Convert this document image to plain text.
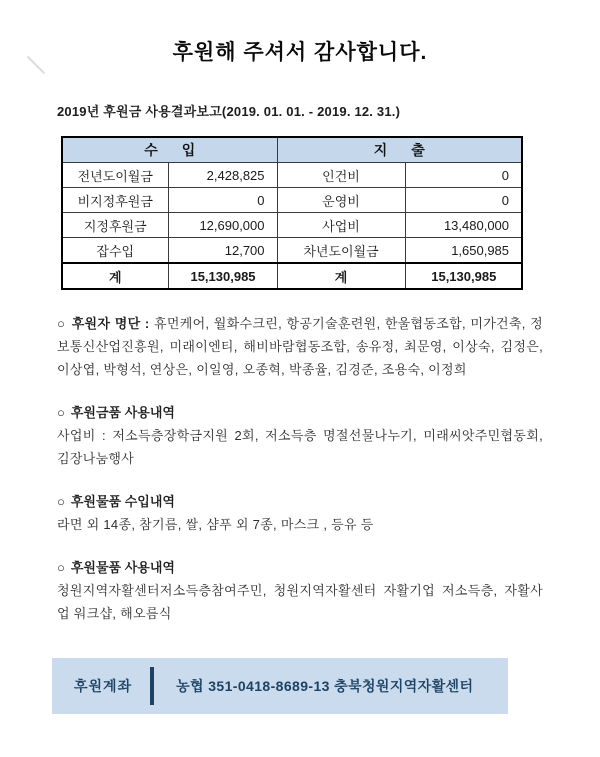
후원해 주셔서 감사합니다.
2019년 후원금 사용결과보고(2019. 01. 01. - 2019. 12. 31.)
수 입		지 출	
전년도이월금	2,428,825	인건비	0
비지정후원금	0	운영비	0
지정후원금	12,690,000	사업비	13,480,000
잡수입	12,700	차년도이월금	1,650,985
계	15,130,985	계	15,130,985

○ 후원자 명단 : 휴먼케어, 월화수크린, 항공기술훈련원, 한울협동조합, 미가건축, 정보통신산업진흥원, 미래이엔티, 해비바람협동조합, 송유정, 최문영, 이상숙, 김정은, 이상엽, 박형석, 연상은, 이일영, 오종혁, 박종율, 김경준, 조용숙, 이정희

○ 후원금품 사용내역

사업비 : 저소득층장학금지원 2회, 저소득층 명절선물나누기, 미래씨앗주민협동회, 김장나눔행사

○ 후원물품 수입내역

라면 외 14종, 참기름, 쌀, 샴푸 외 7종, 마스크 , 등유 등

○ 후원물품 사용내역

청원지역자활센터저소득층참여주민, 청원지역자활센터 자활기업 저소득층, 자활사업 워크샵, 해오름식

후원계좌	농협 351-0418-8689-13 충북청원지역자활센터
